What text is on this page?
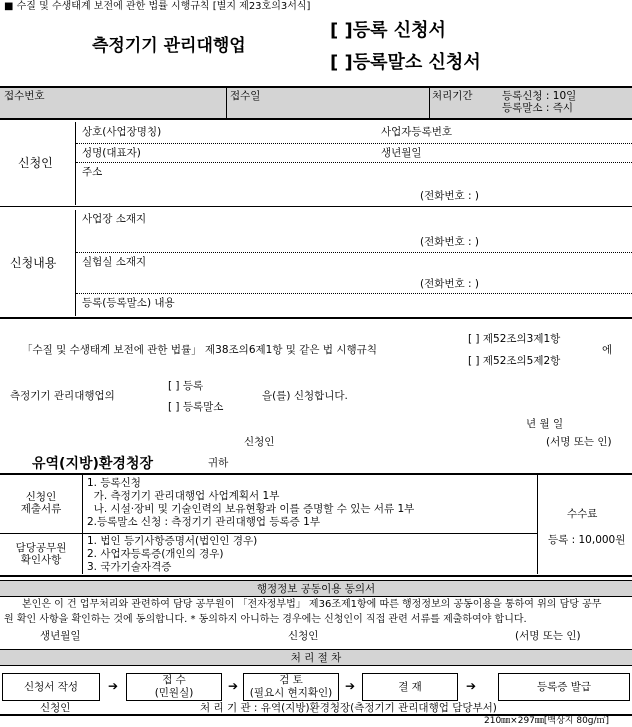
■ 수질 및 수생태계 보전에 관한 법률 시행규칙 [별지 제23호의3서식]
측정기기 관리대행업
[ ]등록 신청서
[ ]등록말소 신청서
접수번호	접수일	처리기간	등록신청 : 10일
등록말소 : 즉시
신청인
상호(사업장명칭)	사업자등록번호
성명(대표자)	생년월일
주소
(전화번호 : )
신청내용
사업장 소재지
(전화번호 : )
실험실 소재지
(전화번호 : )
등록(등록말소) 내용
「수질 및 수생태계 보전에 관한 법률」 제38조의6제1항 및 같은 법 시행규칙
[ ] 제52조의3제1항
[ ] 제52조의5제2항
에
측정기기 관리대행업의
[ ] 등록
[ ] 등록말소
을(를) 신청합니다.
년 월 일
신청인	(서명 또는 인)
유역(지방)환경청장	귀하
신청인
제출서류
1. 등록신청
가. 측정기기 관리대행업 사업계획서 1부
나. 시설·장비 및 기술인력의 보유현황과 이를 증명할 수 있는 서류 1부
2.등록말소 신청 : 측정기기 관리대행업 등록증 1부
담당공무원
확인사항
1. 법인 등기사항증명서(법인인 경우)
2. 사업자등록증(개인의 경우)
3. 국가기술자격증
수수료
등록 : 10,000원
행정정보 공동이용 동의서
본인은 이 건 업무처리와 관련하여 담당 공무원이 「전자정부법」 제36조제1항에 따른 행정정보의 공동이용을 통하여 위의 담당 공무
원 확인 사항을 확인하는 것에 동의합니다. * 동의하지 아니하는 경우에는 신청인이 직접 관련 서류를 제출하여야 합니다.
생년월일	신청인	(서명 또는 인)
처 리 절 차
신청서 작성 ➔	접 수
(민원실)	➔	검 토
(필요시 현지확인) ➔	결 재	➔	등록증 발급
신청인	처 리 기 관 : 유역(지방)환경청장(측정기기 관리대행업 담당부서)
210㎜×297㎜[백상지 80g/㎡]
